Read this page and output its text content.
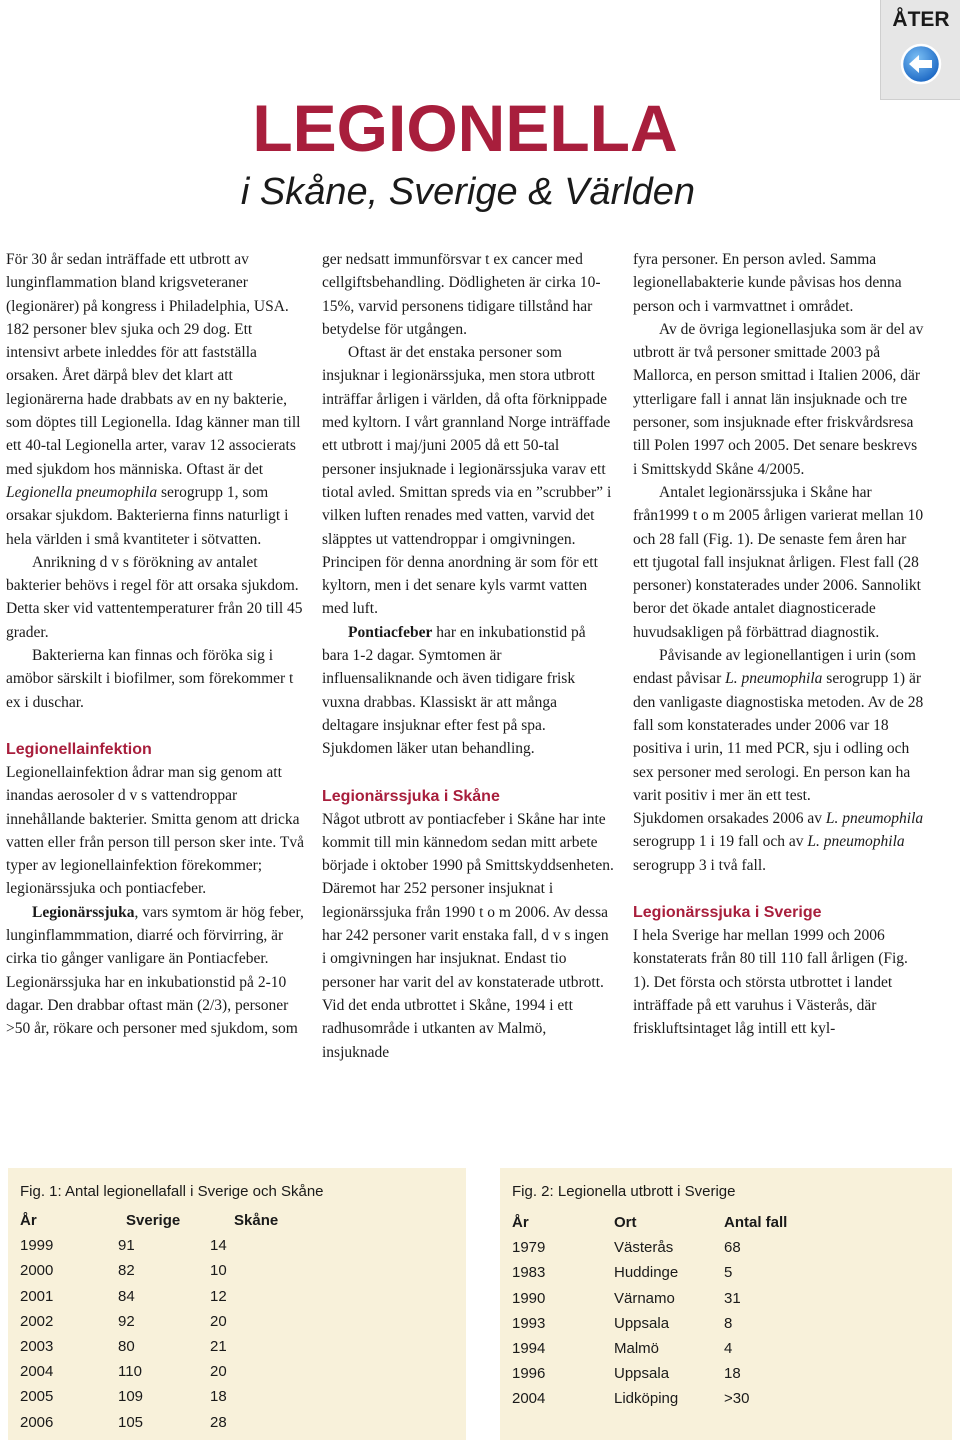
ÅTER
LEGIONELLA
i Skåne, Sverige & Världen

För 30 år sedan inträffade ett utbrott av lunginflammation bland krigsveteraner (legionärer) på kongress i Philadelphia, USA. 182 personer blev sjuka och 29 dog. Ett intensivt arbete inleddes för att fastställa orsaken. Året därpå blev det klart att legionärerna hade drabbats av en ny bakterie, som döptes till Legionella. Idag känner man till ett 40-tal Legionella arter, varav 12 associerats med sjukdom hos människa. Oftast är det Legionella pneumophila serogrupp 1, som orsakar sjukdom. Bakterierna finns naturligt i hela världen i små kvantiteter i sötvatten.

Anrikning d v s förökning av antalet bakterier behövs i regel för att orsaka sjukdom. Detta sker vid vattentemperaturer från 20 till 45 grader.

Bakterierna kan finnas och föröka sig i amöbor särskilt i biofilmer, som förekommer t ex i duschar.

Legionellainfektion

Legionellainfektion ådrar man sig genom att inandas aerosoler d v s vattendroppar innehållande bakterier. Smitta genom att dricka vatten eller från person till person sker inte. Två typer av legionellainfektion förekommer; legionärssjuka och pontiacfeber.

Legionärssjuka, vars symtom är hög feber, lunginflammmation, diarré och förvirring, är cirka tio gånger vanligare än Pontiacfeber. Legionärssjuka har en inkubationstid på 2-10 dagar. Den drabbar oftast män (2/3), personer >50 år, rökare och personer med sjukdom, som

ger nedsatt immunförsvar t ex cancer med cellgiftsbehandling. Dödligheten är cirka 10-15%, varvid personens tidigare tillstånd har betydelse för utgången.

Oftast är det enstaka personer som insjuknar i legionärssjuka, men stora utbrott inträffar årligen i världen, då ofta förknippade med kyltorn. I vårt grannland Norge inträffade ett utbrott i maj/juni 2005 då ett 50-tal personer insjuknade i legionärssjuka varav ett tiotal avled. Smittan spreds via en ”scrubber” i vilken luften renades med vatten, varvid det släpptes ut vattendroppar i omgivningen. Principen för denna anordning är som för ett kyltorn, men i det senare kyls varmt vatten med luft.

Pontiacfeber har en inkubationstid på bara 1-2 dagar. Symtomen är influensaliknande och även tidigare frisk vuxna drabbas. Klassiskt är att många deltagare insjuknar efter fest på spa. Sjukdomen läker utan behandling.

Legionärssjuka i Skåne

Något utbrott av pontiacfeber i Skåne har inte kommit till min kännedom sedan mitt arbete började i oktober 1990 på Smittskyddsenheten. Däremot har 252 personer insjuknat i legionärssjuka från 1990 t o m 2006. Av dessa har 242 personer varit enstaka fall, d v s ingen i omgivningen har insjuknat. Endast tio personer har varit del av konstaterade utbrott. Vid det enda utbrottet i Skåne, 1994 i ett radhusområde i utkanten av Malmö, insjuknade

fyra personer. En person avled. Samma legionellabakterie kunde påvisas hos denna person och i varmvattnet i området.

Av de övriga legionellasjuka som är del av utbrott är två personer smittade 2003 på Mallorca, en person smittad i Italien 2006, där ytterligare fall i annat län insjuknade och tre personer, som insjuknade efter friskvårdsresa till Polen 1997 och 2005. Det senare beskrevs i Smittskydd Skåne 4/2005.

Antalet legionärssjuka i Skåne har från1999 t o m 2005 årligen varierat mellan 10 och 28 fall (Fig. 1). De senaste fem åren har ett tjugotal fall insjuknat årligen. Flest fall (28 personer) konstaterades under 2006. Sannolikt beror det ökade antalet diagnosticerade huvudsakligen på förbättrad diagnostik.

Påvisande av legionellantigen i urin (som endast påvisar L. pneumophila serogrupp 1) är den vanligaste diagnostiska metoden. Av de 28 fall som konstaterades under 2006 var 18 positiva i urin, 11 med PCR, sju i odling och sex personer med serologi. En person kan ha varit positiv i mer än ett test.

Sjukdomen orsakades 2006 av L. pneumophila serogrupp 1 i 19 fall och av L. pneumophila serogrupp 3 i två fall.

Legionärssjuka i Sverige

I hela Sverige har mellan 1999 och 2006 konstaterats från 80 till 110 fall årligen (Fig. 1). Det första och största utbrottet i landet inträffade på ett varuhus i Västerås, där friskluftsintaget låg intill ett kyl-

Fig. 1: Antal legionellafall i Sverige och Skåne
År	Sverige	Skåne
1999	91	14
2000	82	10
2001	84	12
2002	92	20
2003	80	21
2004	110	20
2005	109	18
2006	105	28
Fig. 2: Legionella utbrott i Sverige
År	Ort	Antal fall
1979	Västerås	68
1983	Huddinge	5
1990	Värnamo	31
1993	Uppsala	8
1994	Malmö	4
1996	Uppsala	18
2004	Lidköping	>30
